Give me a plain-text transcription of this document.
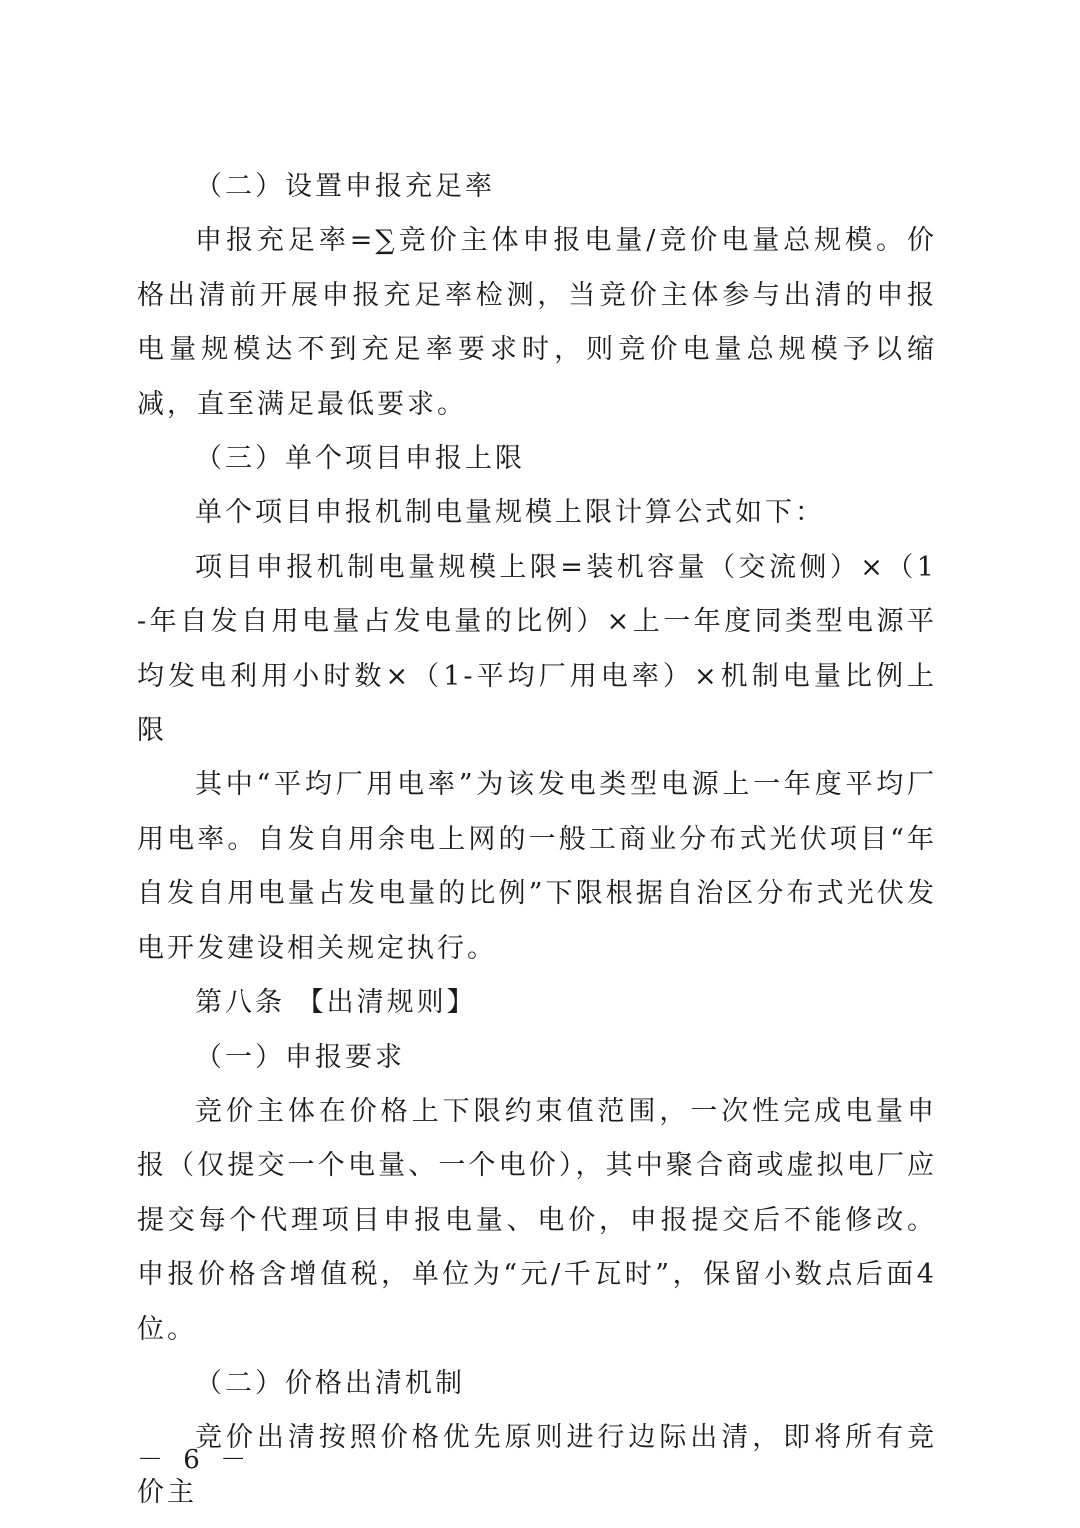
（二）设置申报充足率

申报充足率=∑竞价主体申报电量/竞价电量总规模。价格出清前开展申报充足率检测，当竞价主体参与出清的申报电量规模达不到充足率要求时，则竞价电量总规模予以缩减，直至满足最低要求。

（三）单个项目申报上限

单个项目申报机制电量规模上限计算公式如下：

项目申报机制电量规模上限=装机容量（交流侧）×（1-年自发自用电量占发电量的比例）×上一年度同类型电源平均发电利用小时数×（1-平均厂用电率）×机制电量比例上限

其中“平均厂用电率”为该发电类型电源上一年度平均厂用电率。自发自用余电上网的一般工商业分布式光伏项目“年自发自用电量占发电量的比例”下限根据自治区分布式光伏发电开发建设相关规定执行。

第八条 【出清规则】

（一）申报要求

竞价主体在价格上下限约束值范围，一次性完成电量申报（仅提交一个电量、一个电价），其中聚合商或虚拟电厂应提交每个代理项目申报电量、电价，申报提交后不能修改。申报价格含增值税，单位为“元/千瓦时”，保留小数点后面4位。

（二）价格出清机制

竞价出清按照价格优先原则进行边际出清，即将所有竞价主

－ 6 －
